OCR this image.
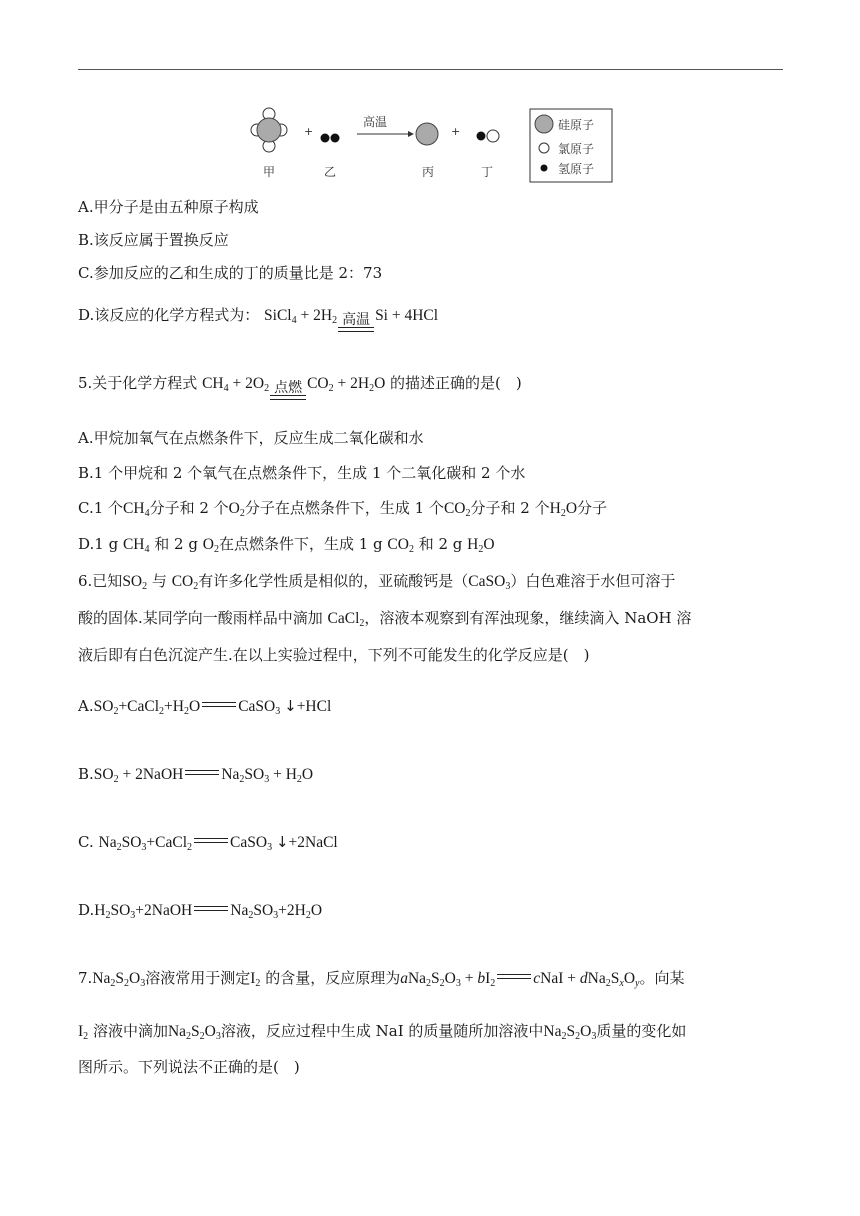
+
高温
+
甲	乙	丙	丁
硅原子
氯原子
氢原子
A.甲分子是由五种原子构成
B.该反应属于置换反应
C.参加反应的乙和生成的丁的质量比是 2：73
D.该反应的化学方程式为： SiCl$_4$ + $2H_2$ 高温 Si + 4HCl
5.关于化学方程式 $CH_4 + 2O_2$ 点燃 $CO_2 + 2H_2O$ 的描述正确的是(　)
A.甲烷加氧气在点燃条件下，反应生成二氧化碳和水
B.1 个甲烷和 2 个氧气在点燃条件下，生成 1 个二氧化碳和 2 个水
C.1 个$CH_4$分子和 2 个$O_2$分子在点燃条件下，生成 1 个$CO_2$分子和 2 个$H_2O$分子
D.1 g $CH_4$ 和 2 g $O_2$在点燃条件下，生成 1 g $CO_2$ 和 2 g $H_2O$
6.已知$SO_2$ 与 $CO_2$有许多化学性质是相似的，亚硫酸钙是（CaSO$_3$）白色难溶于水但可溶于
酸的固体.某同学向一酸雨样品中滴加 CaCl$_2$，溶液本观察到有浑浊现象，继续滴入 NaOH 溶
液后即有白色沉淀产生.在以上实验过程中，下列不可能发生的化学反应是(　)
$A.SO_2+CaCl_2+H_2O$ CaSO$_3$ ↓+HCl
$B.SO_2$ + 2NaOH $Na_2SO_3 + H_2O$
C. $Na_2SO_3+CaCl_2$ CaSO$_3$ ↓+2NaCl
$D.H_2SO_3+2NaOH$ $Na_2SO_3+2H_2O$
$7.Na_2S_2O_3$溶液常用于测定$I_2$ 的含量，反应原理为$aNa_2S_2O_3 + bI_2$ cNaI + $dNa_2S_xO_y$。向某
$I_2$ 溶液中滴加$Na_2S_2O_3$溶液，反应过程中生成 NaI 的质量随所加溶液中$Na_2S_2O_3$质量的变化如
图所示。下列说法不正确的是(　)
